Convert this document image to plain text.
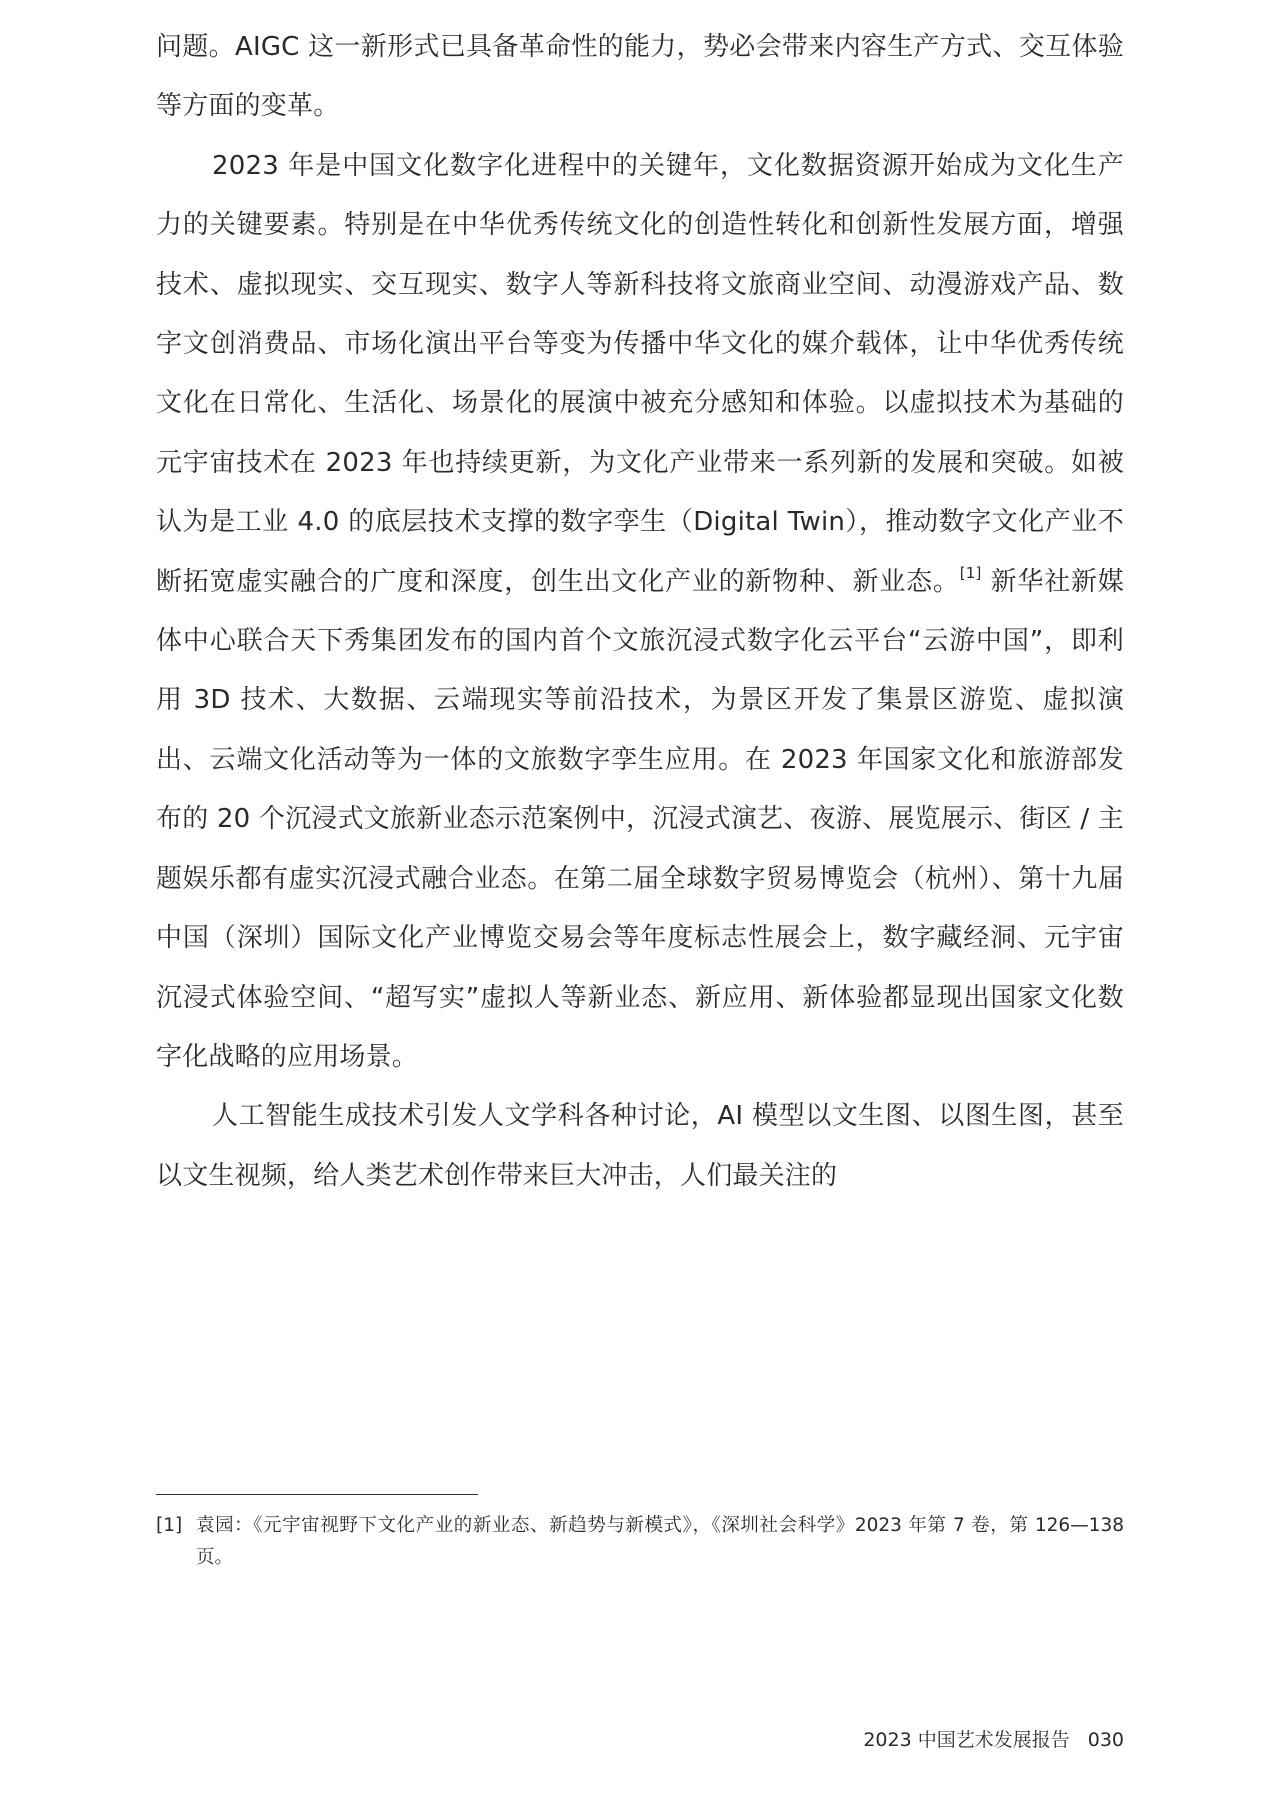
问题。AIGC 这一新形式已具备革命性的能力，势必会带来内容生产方式、交互体验等方面的变革。

2023 年是中国文化数字化进程中的关键年，文化数据资源开始成为文化生产力的关键要素。特别是在中华优秀传统文化的创造性转化和创新性发展方面，增强技术、虚拟现实、交互现实、数字人等新科技将文旅商业空间、动漫游戏产品、数字文创消费品、市场化演出平台等变为传播中华文化的媒介载体，让中华优秀传统文化在日常化、生活化、场景化的展演中被充分感知和体验。以虚拟技术为基础的元宇宙技术在 2023 年也持续更新，为文化产业带来一系列新的发展和突破。如被认为是工业 4.0 的底层技术支撑的数字孪生（Digital Twin），推动数字文化产业不断拓宽虚实融合的广度和深度，创生出文化产业的新物种、新业态。[1] 新华社新媒体中心联合天下秀集团发布的国内首个文旅沉浸式数字化云平台“云游中国”，即利用 3D 技术、大数据、云端现实等前沿技术，为景区开发了集景区游览、虚拟演出、云端文化活动等为一体的文旅数字孪生应用。在 2023 年国家文化和旅游部发布的 20 个沉浸式文旅新业态示范案例中，沉浸式演艺、夜游、展览展示、街区 / 主题娱乐都有虚实沉浸式融合业态。在第二届全球数字贸易博览会（杭州）、第十九届中国（深圳）国际文化产业博览交易会等年度标志性展会上，数字藏经洞、元宇宙沉浸式体验空间、“超写实”虚拟人等新业态、新应用、新体验都显现出国家文化数字化战略的应用场景。

人工智能生成技术引发人文学科各种讨论，AI 模型以文生图、以图生图，甚至以文生视频，给人类艺术创作带来巨大冲击，人们最关注的

[1] 袁园：《元宇宙视野下文化产业的新业态、新趋势与新模式》，《深圳社会科学》2023 年第 7 卷，第 126—138 页。
2023 中国艺术发展报告 030
